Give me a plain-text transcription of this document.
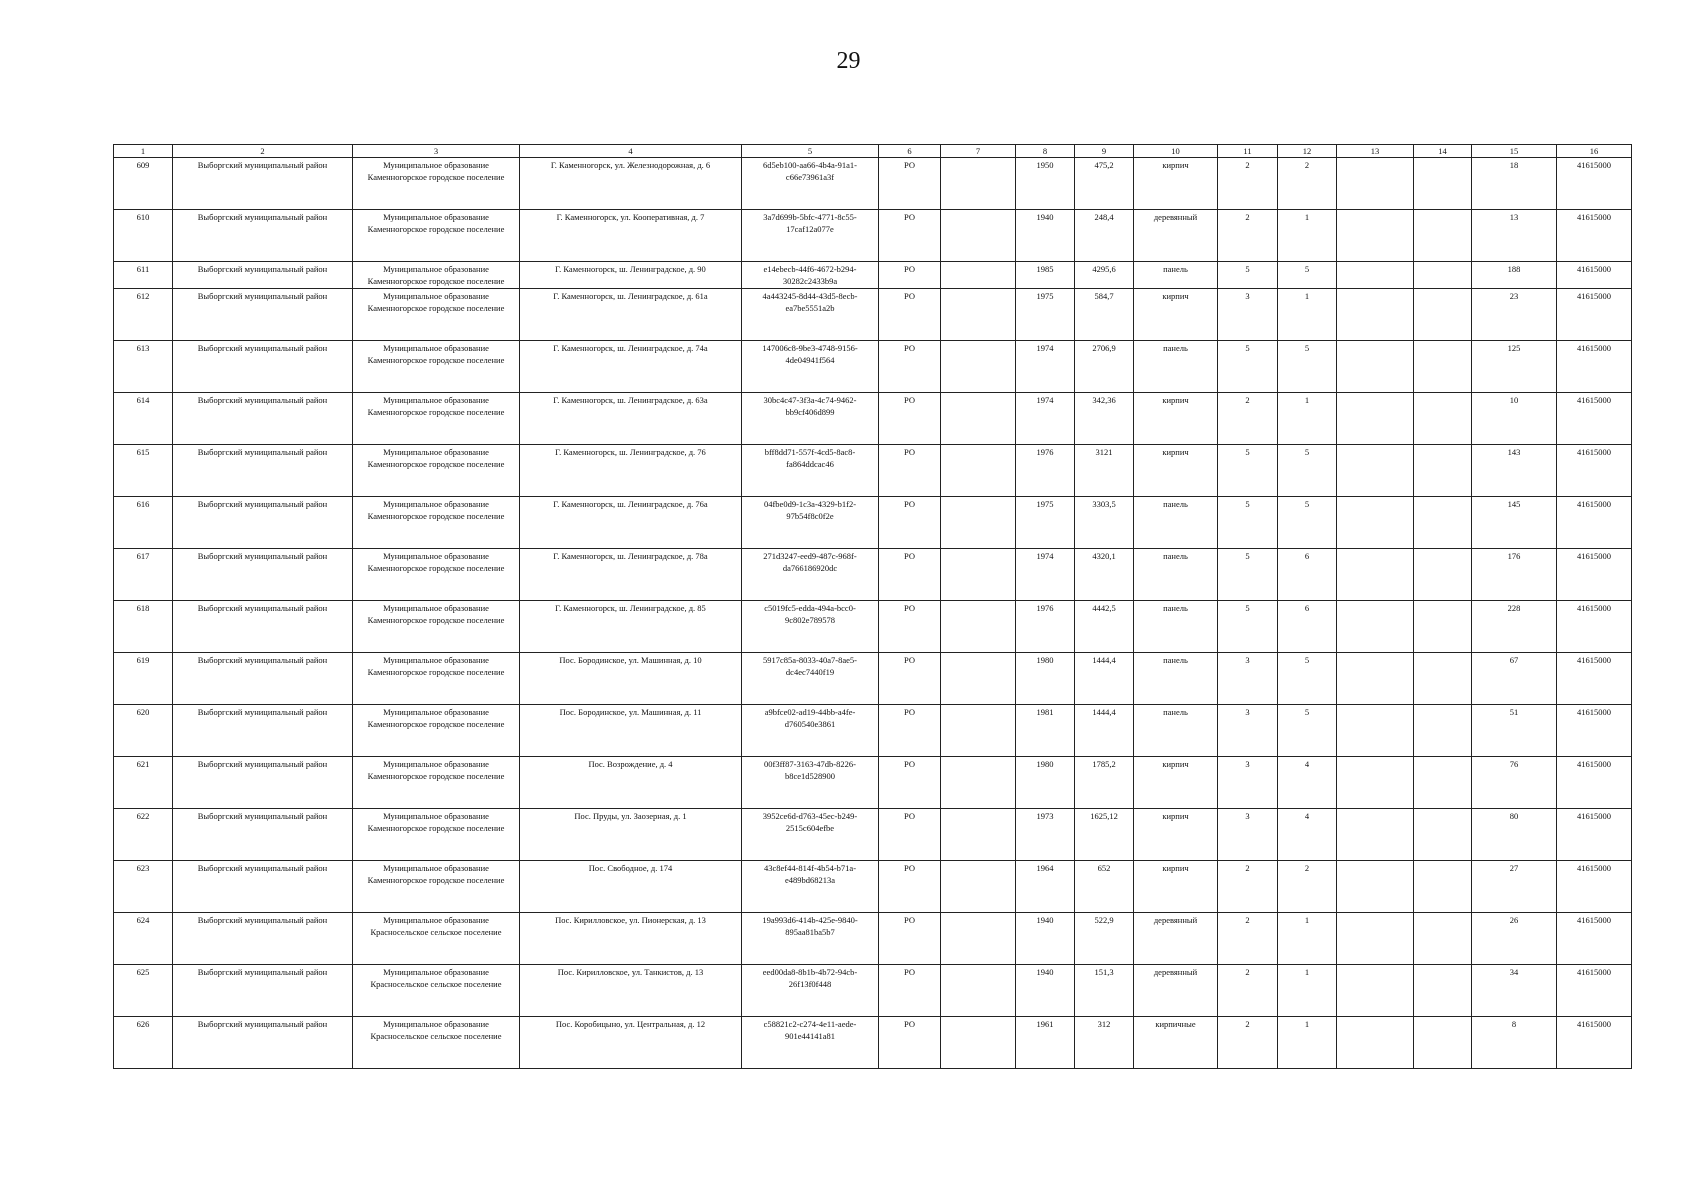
29
1	2	3	4	5	6	7	8	9	10	11	12	13	14	15	16
609	Выборгский муниципальный район	Муниципальное образование Каменногорское городское поселение	Г. Каменногорск, ул. Железнодорожная, д. 6	6d5eb100-aa66-4b4a-91a1-c66e73961a3f	РО		1950	475,2	кирпич	2	2			18	41615000
610	Выборгский муниципальный район	Муниципальное образование Каменногорское городское поселение	Г. Каменногорск, ул. Кооперативная, д. 7	3a7d699b-5bfc-4771-8c55-17caf12a077e	РО		1940	248,4	деревянный	2	1			13	41615000
611	Выборгский муниципальный район	Муниципальное образование Каменногорское городское поселение	Г. Каменногорск, ш. Ленинградское, д. 90	e14ebecb-44f6-4672-b294-30282c2433b9a	РО		1985	4295,6	панель	5	5			188	41615000
612	Выборгский муниципальный район	Муниципальное образование Каменногорское городское поселение	Г. Каменногорск, ш. Ленинградское, д. 61а	4a443245-8d44-43d5-8ecb-ea7be5551a2b	РО		1975	584,7	кирпич	3	1			23	41615000
613	Выборгский муниципальный район	Муниципальное образование Каменногорское городское поселение	Г. Каменногорск, ш. Ленинградское, д. 74а	147006c8-9be3-4748-9156-4de04941f564	РО		1974	2706,9	панель	5	5			125	41615000
614	Выборгский муниципальный район	Муниципальное образование Каменногорское городское поселение	Г. Каменногорск, ш. Ленинградское, д. 63а	30bc4c47-3f3a-4c74-9462-bb9cf406d899	РО		1974	342,36	кирпич	2	1			10	41615000
615	Выборгский муниципальный район	Муниципальное образование Каменногорское городское поселение	Г. Каменногорск, ш. Ленинградское, д. 76	bff8dd71-557f-4cd5-8ac8-fa864ddcac46	РО		1976	3121	кирпич	5	5			143	41615000
616	Выборгский муниципальный район	Муниципальное образование Каменногорское городское поселение	Г. Каменногорск, ш. Ленинградское, д. 76а	04fbe0d9-1c3a-4329-b1f2-97b54f8c0f2e	РО		1975	3303,5	панель	5	5			145	41615000
617	Выборгский муниципальный район	Муниципальное образование Каменногорское городское поселение	Г. Каменногорск, ш. Ленинградское, д. 78а	271d3247-eed9-487c-968f-da766186920dc	РО		1974	4320,1	панель	5	6			176	41615000
618	Выборгский муниципальный район	Муниципальное образование Каменногорское городское поселение	Г. Каменногорск, ш. Ленинградское, д. 85	c5019fc5-edda-494a-bcc0-9c802e789578	РО		1976	4442,5	панель	5	6			228	41615000
619	Выборгский муниципальный район	Муниципальное образование Каменногорское городское поселение	Пос. Бородинское, ул. Машинная, д. 10	5917c85a-8033-40a7-8ae5-dc4ec7440f19	РО		1980	1444,4	панель	3	5			67	41615000
620	Выборгский муниципальный район	Муниципальное образование Каменногорское городское поселение	Пос. Бородинское, ул. Машинная, д. 11	a9bfce02-ad19-44bb-a4fe-d760540e3861	РО		1981	1444,4	панель	3	5			51	41615000
621	Выборгский муниципальный район	Муниципальное образование Каменногорское городское поселение	Пос. Возрождение, д. 4	00f3ff87-3163-47db-8226-b8ce1d528900	РО		1980	1785,2	кирпич	3	4			76	41615000
622	Выборгский муниципальный район	Муниципальное образование Каменногорское городское поселение	Пос. Пруды, ул. Заозерная, д. 1	3952ce6d-d763-45ec-b249-2515c604efbe	РО		1973	1625,12	кирпич	3	4			80	41615000
623	Выборгский муниципальный район	Муниципальное образование Каменногорское городское поселение	Пос. Свободное, д. 174	43c8ef44-814f-4b54-b71a-e489bd68213a	РО		1964	652	кирпич	2	2			27	41615000
624	Выборгский муниципальный район	Муниципальное образование Красносельское сельское поселение	Пос. Кирилловское, ул. Пионерская, д. 13	19a993d6-414b-425e-9840-895aa81ba5b7	РО		1940	522,9	деревянный	2	1			26	41615000
625	Выборгский муниципальный район	Муниципальное образование Красносельское сельское поселение	Пос. Кирилловское, ул. Танкистов, д. 13	eed00da8-8b1b-4b72-94cb-26f13f0f448	РО		1940	151,3	деревянный	2	1			34	41615000
626	Выборгский муниципальный район	Муниципальное образование Красносельское сельское поселение	Пос. Коробицыно, ул. Центральная, д. 12	c58821c2-c274-4e11-aede-901e44141a81	РО		1961	312	кирпичные	2	1			8	41615000
